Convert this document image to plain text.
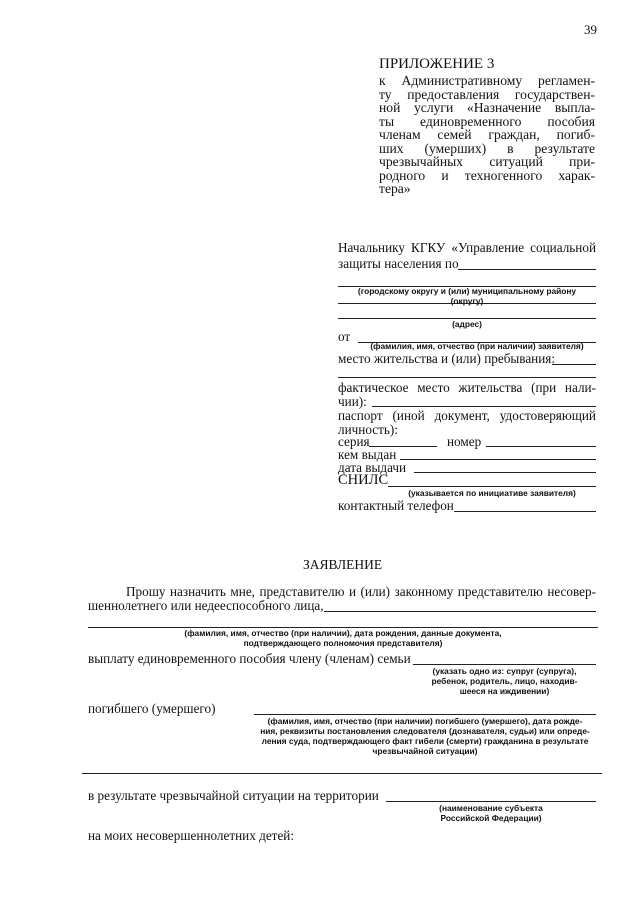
39
ПРИЛОЖЕНИЕ 3
к Административному регламен-
ту предоставления государствен-
ной услуги «Назначение выпла-
ты единовременного пособия
членам семей граждан, погиб-
ших (умерших) в результате
чрезвычайных ситуаций при-
родного и техногенного харак-
тера»
Начальнику КГКУ «Управление социальной
защиты населения по
(городскому округу и (или) муниципальному району
(округу)
(адрес)
от
(фамилия, имя, отчество (при наличии) заявителя)
место жительства и (или) пребывания:
фактическое место жительства (при нали-
чии):
паспорт (иной документ, удостоверяющий
личность):
серия	номер
кем выдан
дата выдачи
СНИЛС
(указывается по инициативе заявителя)
контактный телефон
ЗАЯВЛЕНИЕ
Прошу назначить мне, представителю и (или) законному представителю несовер-
шеннолетнего или недееспособного лица,
(фамилия, имя, отчество (при наличии), дата рождения, данные документа,
подтверждающего полномочия представителя)
выплату единовременного пособия члену (членам) семьи
(указать одно из: супруг (супруга),
ребенок, родитель, лицо, находив-
шееся на иждивении)
погибшего (умершего)
(фамилия, имя, отчество (при наличии) погибшего (умершего), дата рожде-
ния, реквизиты постановления следователя (дознавателя, судьи) или опреде-
ления суда, подтверждающего факт гибели (смерти) гражданина в результате
чрезвычайной ситуации)
в результате чрезвычайной ситуации на территории
(наименование субъекта
Российской Федерации)
на моих несовершеннолетних детей:
